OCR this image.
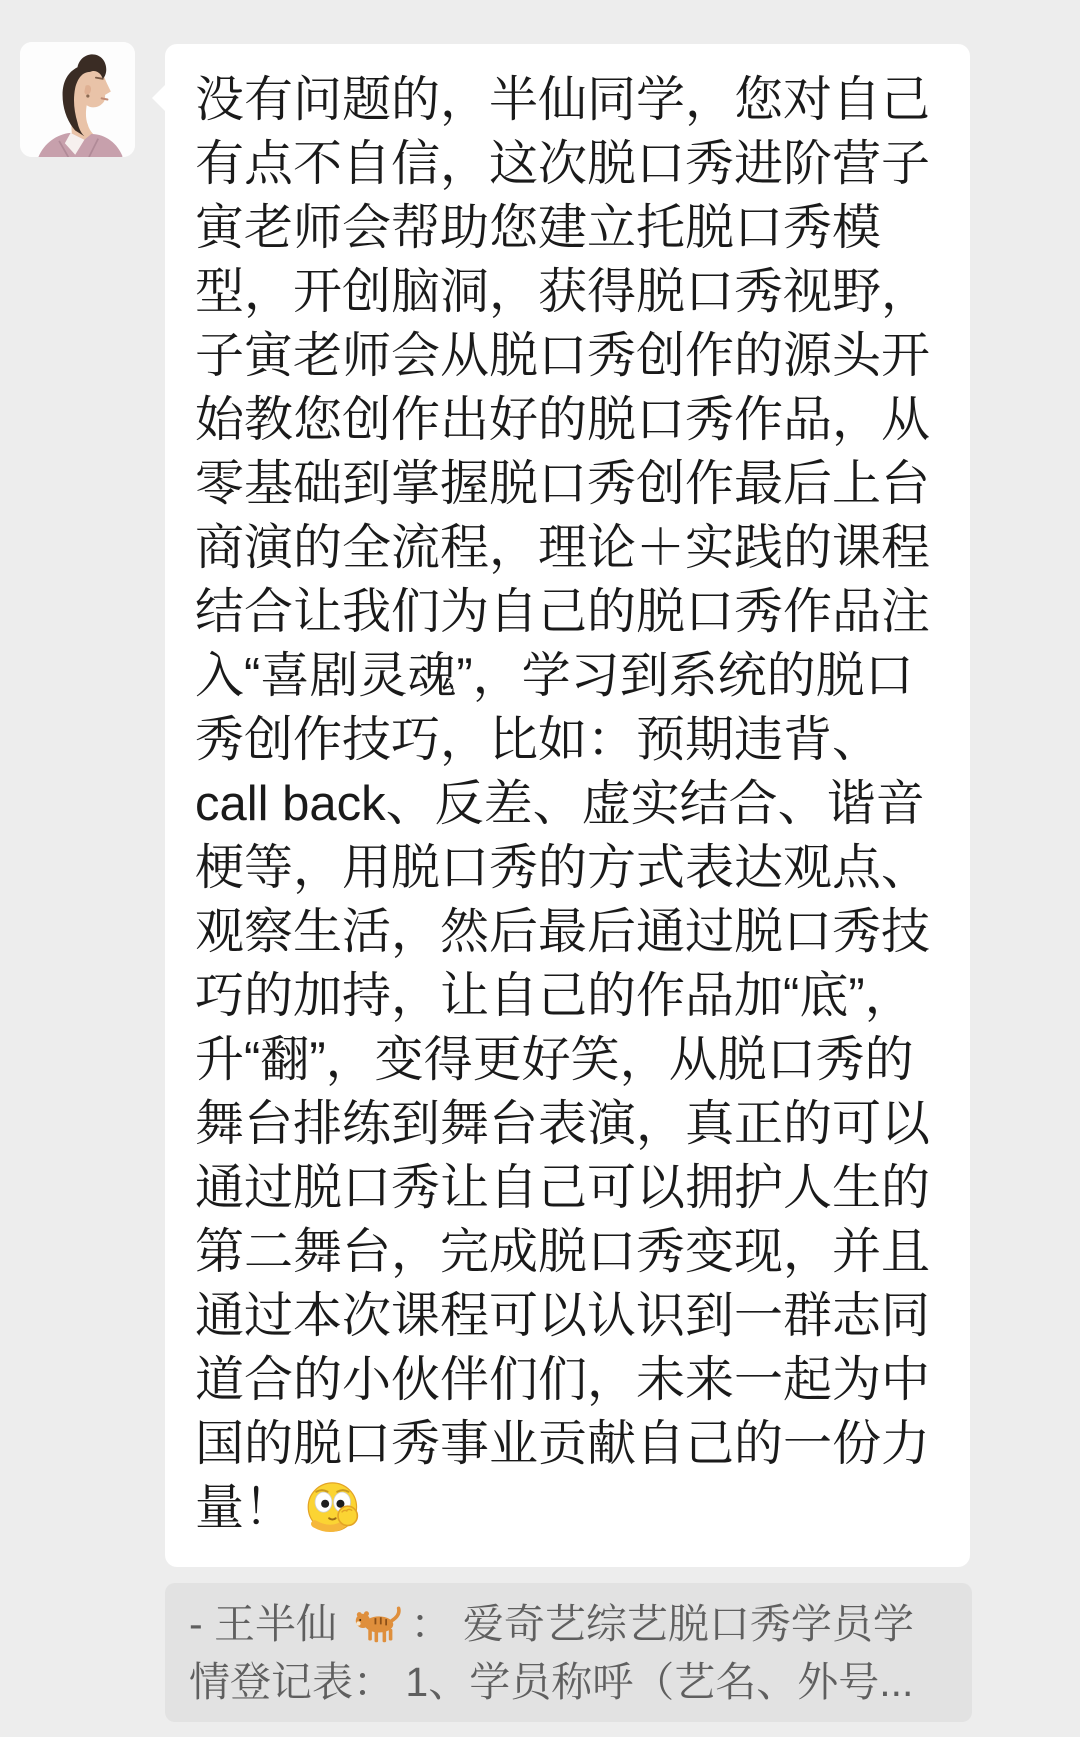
没有问题的，半仙同学，您对自己有点不自信，这次脱口秀进阶营子寅老师会帮助您建立托脱口秀模型，开创脑洞，获得脱口秀视野，子寅老师会从脱口秀创作的源头开始教您创作出好的脱口秀作品，从零基础到掌握脱口秀创作最后上台商演的全流程，理论＋实践的课程结合让我们为自己的脱口秀作品注入“喜剧灵魂”，学习到系统的脱口秀创作技巧，比如：预期违背、call back、反差、虚实结合、谐音梗等，用脱口秀的方式表达观点、观察生活，然后最后通过脱口秀技巧的加持，让自己的作品加“底”，升“翻”，变得更好笑，从脱口秀的舞台排练到舞台表演，真正的可以通过脱口秀让自己可以拥护人生的第二舞台，完成脱口秀变现，并且通过本次课程可以认识到一群志同道合的小伙伴们们，未来一起为中国的脱口秀事业贡献自己的一份力量！
- 王半仙 ： 爱奇艺综艺脱口秀学员学情登记表： 1、学员称呼（艺名、外号...
